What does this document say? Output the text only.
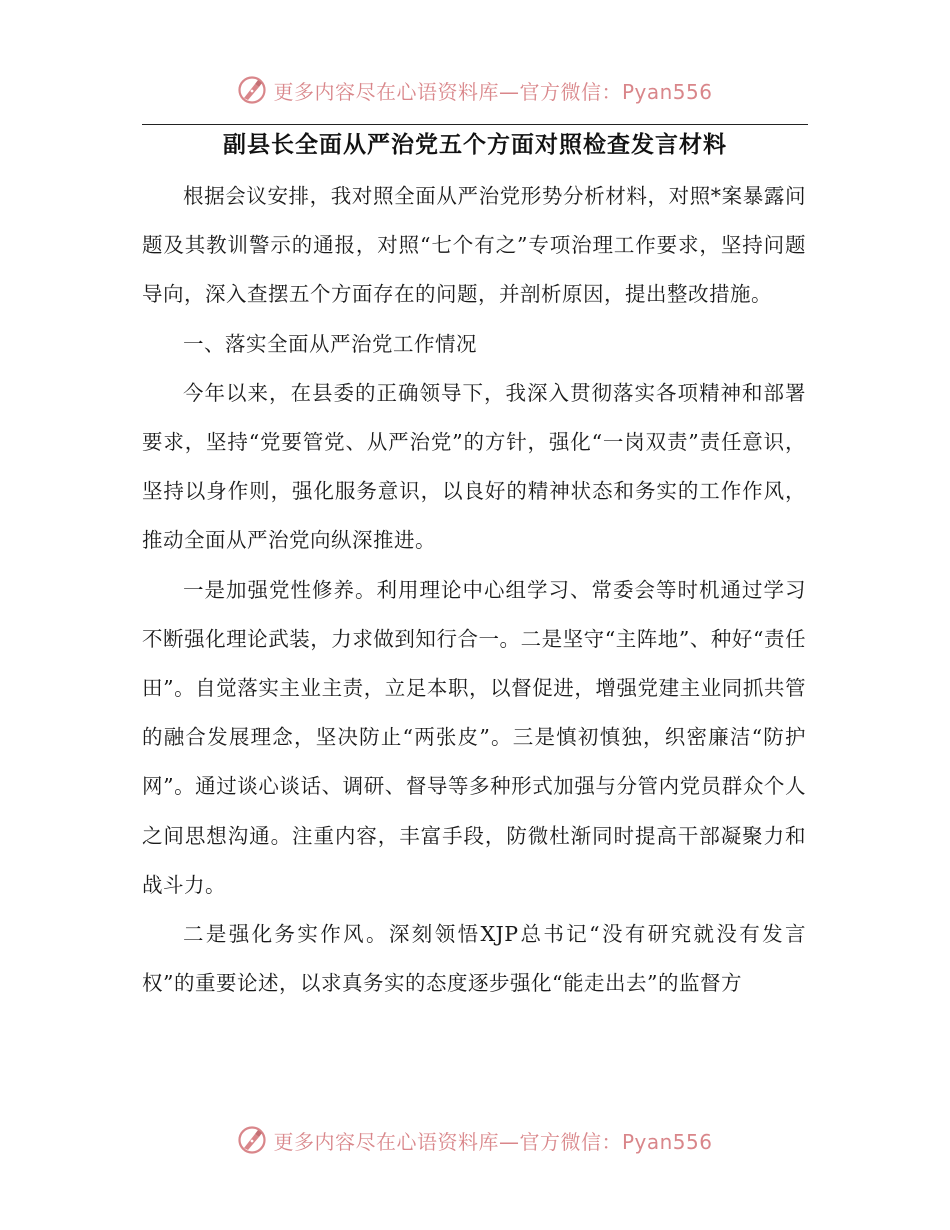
更多内容尽在心语资料库—官方微信：Pyan556
副县长全面从严治党五个方面对照检查发言材料

根据会议安排，我对照全面从严治党形势分析材料，对照*案暴露问题及其教训警示的通报，对照“七个有之”专项治理工作要求，坚持问题导向，深入查摆五个方面存在的问题，并剖析原因，提出整改措施。

一、落实全面从严治党工作情况

今年以来，在县委的正确领导下，我深入贯彻落实各项精神和部署要求，坚持“党要管党、从严治党”的方针，强化“一岗双责”责任意识，坚持以身作则，强化服务意识，以良好的精神状态和务实的工作作风，推动全面从严治党向纵深推进。

一是加强党性修养。利用理论中心组学习、常委会等时机通过学习不断强化理论武装，力求做到知行合一。二是坚守“主阵地”、种好“责任田”。自觉落实主业主责，立足本职，以督促进，增强党建主业同抓共管的融合发展理念，坚决防止“两张皮”。三是慎初慎独，织密廉洁“防护网”。通过谈心谈话、调研、督导等多种形式加强与分管内党员群众个人之间思想沟通。注重内容，丰富手段，防微杜渐同时提高干部凝聚力和战斗力。

二是强化务实作风。深刻领悟XJP总书记“没有研究就没有发言权”的重要论述，以求真务实的态度逐步强化“能走出去”的监督方

更多内容尽在心语资料库—官方微信：Pyan556
